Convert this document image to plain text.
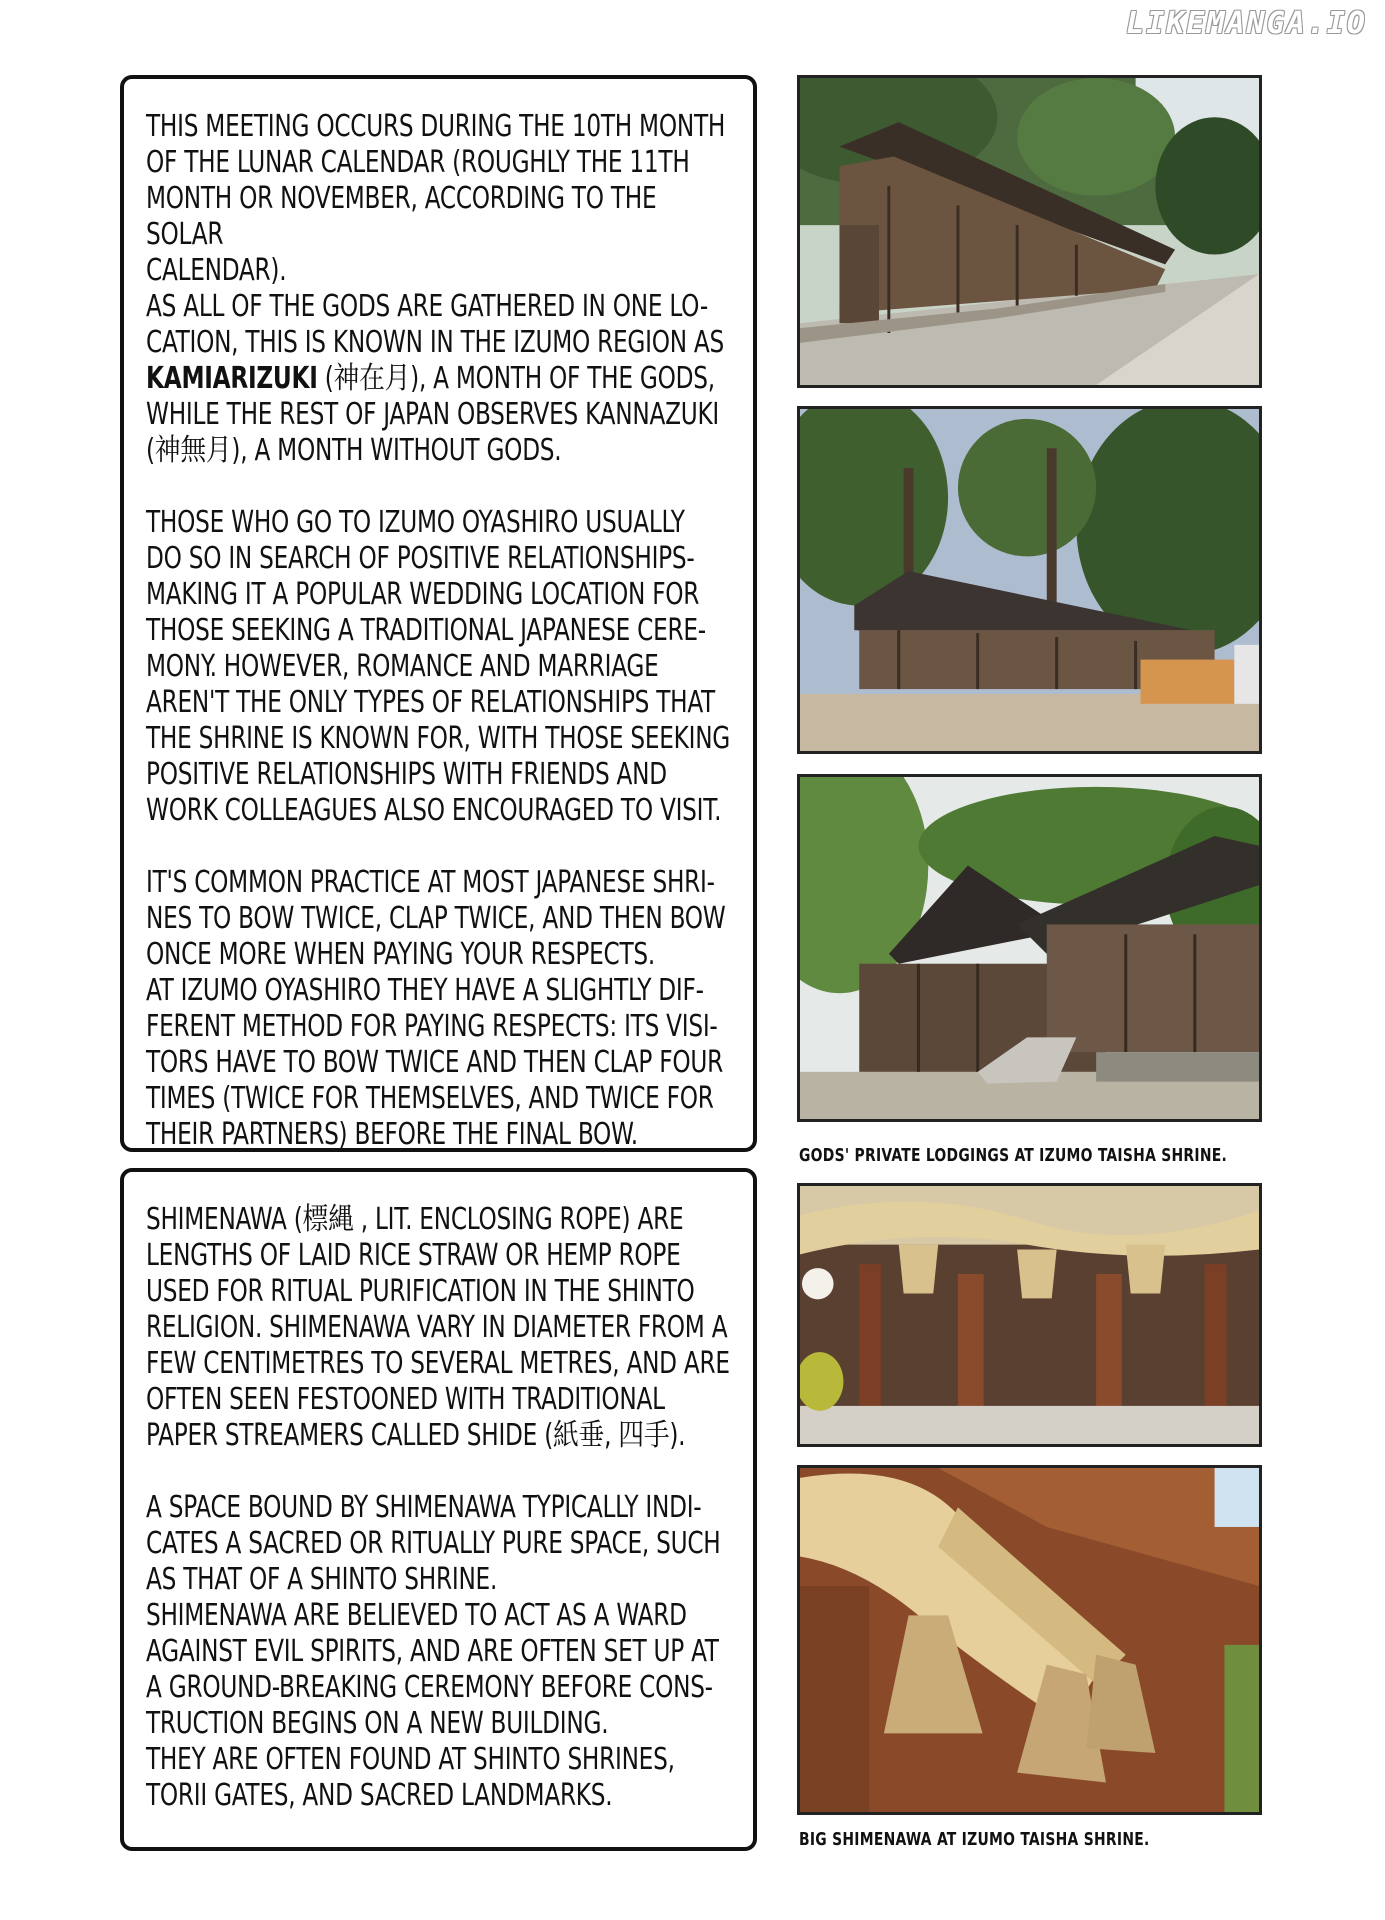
LIKEMANGA.IO
THIS MEETING OCCURS DURING THE 10TH MONTH
OF THE LUNAR CALENDAR (ROUGHLY THE 11TH
MONTH OR NOVEMBER, ACCORDING TO THE SOLAR
CALENDAR).
AS ALL OF THE GODS ARE GATHERED IN ONE LO-
CATION, THIS IS KNOWN IN THE IZUMO REGION AS
KAMIARIZUKI (神在月), A MONTH OF THE GODS,
WHILE THE REST OF JAPAN OBSERVES KANNAZUKI
(神無月), A MONTH WITHOUT GODS.
THOSE WHO GO TO IZUMO OYASHIRO USUALLY
DO SO IN SEARCH OF POSITIVE RELATIONSHIPS-
MAKING IT A POPULAR WEDDING LOCATION FOR
THOSE SEEKING A TRADITIONAL JAPANESE CERE-
MONY. HOWEVER, ROMANCE AND MARRIAGE
AREN'T THE ONLY TYPES OF RELATIONSHIPS THAT
THE SHRINE IS KNOWN FOR, WITH THOSE SEEKING
POSITIVE RELATIONSHIPS WITH FRIENDS AND
WORK COLLEAGUES ALSO ENCOURAGED TO VISIT.
IT'S COMMON PRACTICE AT MOST JAPANESE SHRI-
NES TO BOW TWICE, CLAP TWICE, AND THEN BOW
ONCE MORE WHEN PAYING YOUR RESPECTS.
AT IZUMO OYASHIRO THEY HAVE A SLIGHTLY DIF-
FERENT METHOD FOR PAYING RESPECTS: ITS VISI-
TORS HAVE TO BOW TWICE AND THEN CLAP FOUR
TIMES (TWICE FOR THEMSELVES, AND TWICE FOR
THEIR PARTNERS) BEFORE THE FINAL BOW.
SHIMENAWA (標縄 , LIT. ENCLOSING ROPE) ARE
LENGTHS OF LAID RICE STRAW OR HEMP ROPE
USED FOR RITUAL PURIFICATION IN THE SHINTO
RELIGION. SHIMENAWA VARY IN DIAMETER FROM A
FEW CENTIMETRES TO SEVERAL METRES, AND ARE
OFTEN SEEN FESTOONED WITH TRADITIONAL
PAPER STREAMERS CALLED SHIDE (紙垂, 四手).
A SPACE BOUND BY SHIMENAWA TYPICALLY INDI-
CATES A SACRED OR RITUALLY PURE SPACE, SUCH
AS THAT OF A SHINTO SHRINE.
SHIMENAWA ARE BELIEVED TO ACT AS A WARD
AGAINST EVIL SPIRITS, AND ARE OFTEN SET UP AT
A GROUND-BREAKING CEREMONY BEFORE CONS-
TRUCTION BEGINS ON A NEW BUILDING.
THEY ARE OFTEN FOUND AT SHINTO SHRINES,
TORII GATES, AND SACRED LANDMARKS.
GODS' PRIVATE LODGINGS AT IZUMO TAISHA SHRINE.
BIG SHIMENAWA AT IZUMO TAISHA SHRINE.
